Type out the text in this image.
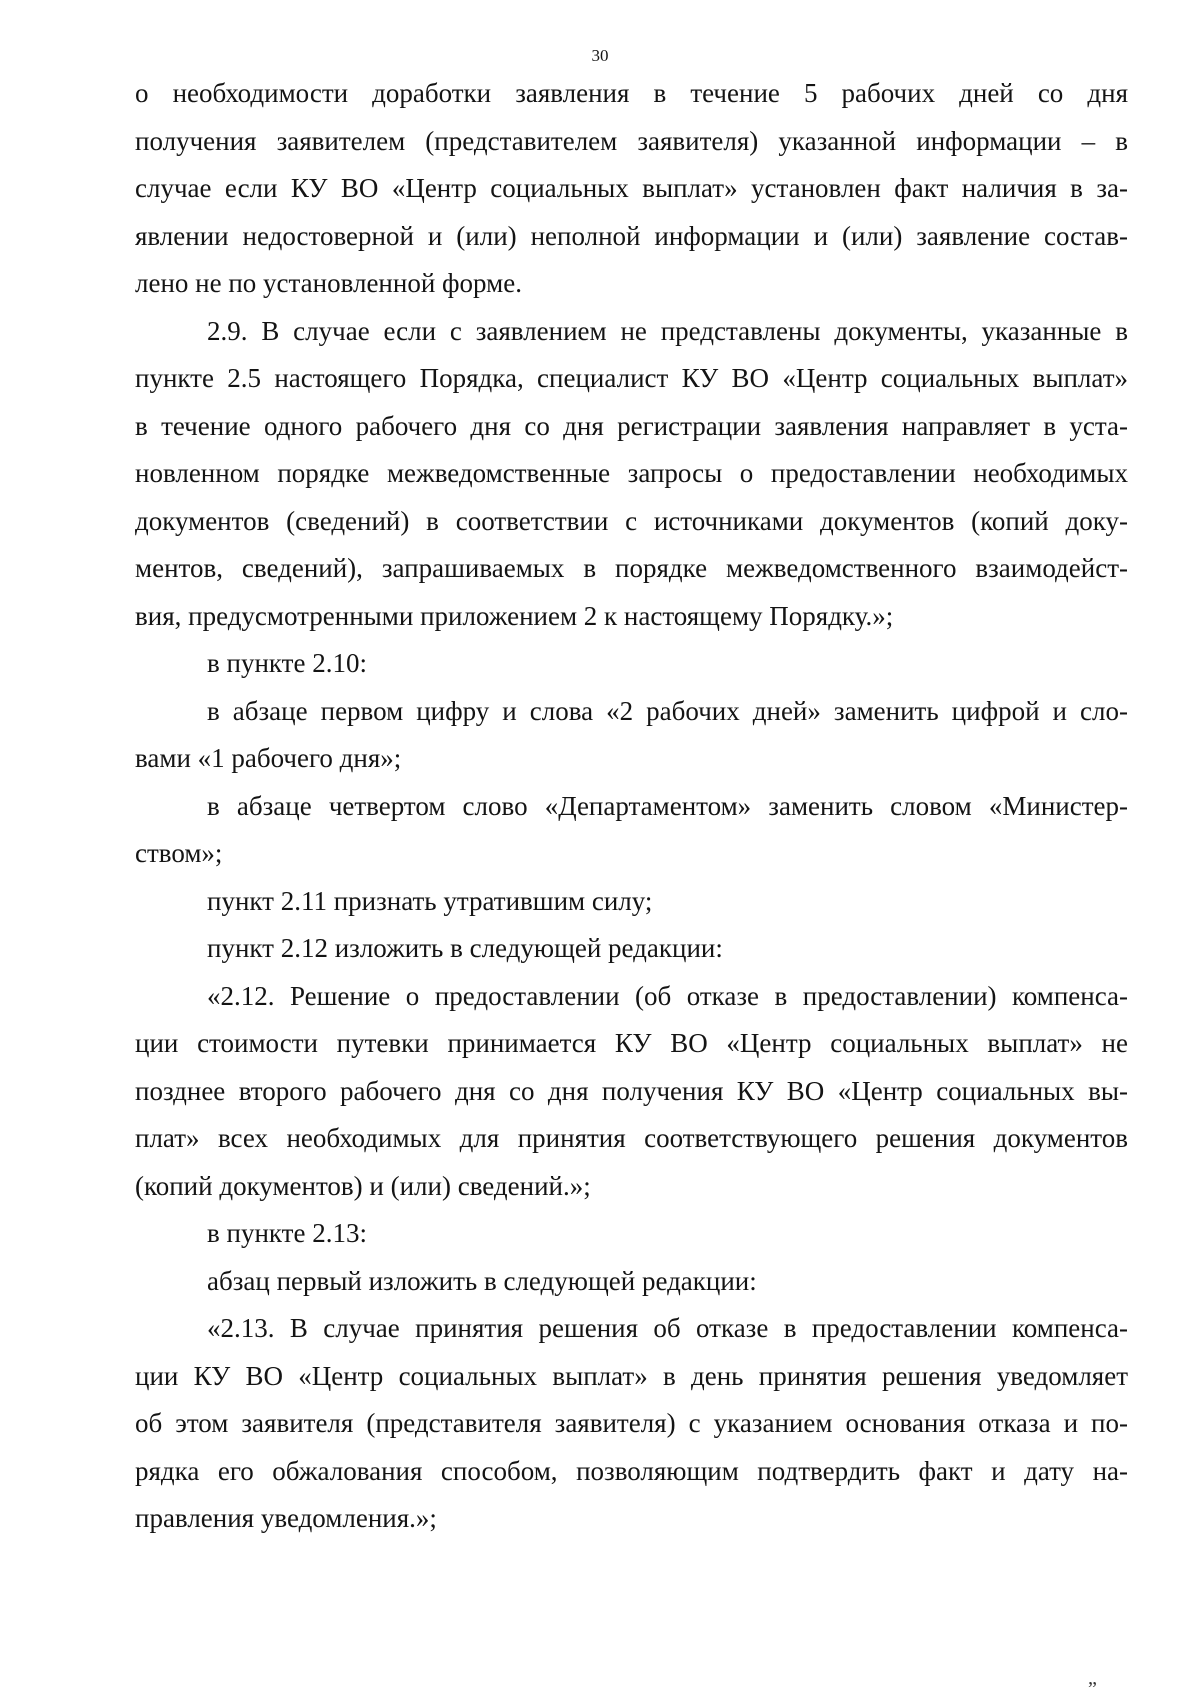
30
о необходимости доработки заявления в течение 5 рабочих дней со дня
получения заявителем (представителем заявителя) указанной информации – в
случае если КУ ВО «Центр социальных выплат» установлен факт наличия в за-
явлении недостоверной и (или) неполной информации и (или) заявление состав-
лено не по установленной форме.
2.9. В случае если с заявлением не представлены документы, указанные в
пункте 2.5 настоящего Порядка, специалист КУ ВО «Центр социальных выплат»
в течение одного рабочего дня со дня регистрации заявления направляет в уста-
новленном порядке межведомственные запросы о предоставлении необходимых
документов (сведений) в соответствии с источниками документов (копий доку-
ментов, сведений), запрашиваемых в порядке межведомственного взаимодейст-
вия, предусмотренными приложением 2 к настоящему Порядку.»;
в пункте 2.10:
в абзаце первом цифру и слова «2 рабочих дней» заменить цифрой и сло-
вами «1 рабочего дня»;
в абзаце четвертом слово «Департаментом» заменить словом «Министер-
ством»;
пункт 2.11 признать утратившим силу;
пункт 2.12 изложить в следующей редакции:
«2.12. Решение о предоставлении (об отказе в предоставлении) компенса-
ции стоимости путевки принимается КУ ВО «Центр социальных выплат» не
позднее второго рабочего дня со дня получения КУ ВО «Центр социальных вы-
плат» всех необходимых для принятия соответствующего решения документов
(копий документов) и (или) сведений.»;
в пункте 2.13:
абзац первый изложить в следующей редакции:
«2.13. В случае принятия решения об отказе в предоставлении компенса-
ции КУ ВО «Центр социальных выплат» в день принятия решения уведомляет
об этом заявителя (представителя заявителя) с указанием основания отказа и по-
рядка его обжалования способом, позволяющим подтвердить факт и дату на-
правления уведомления.»;
”
